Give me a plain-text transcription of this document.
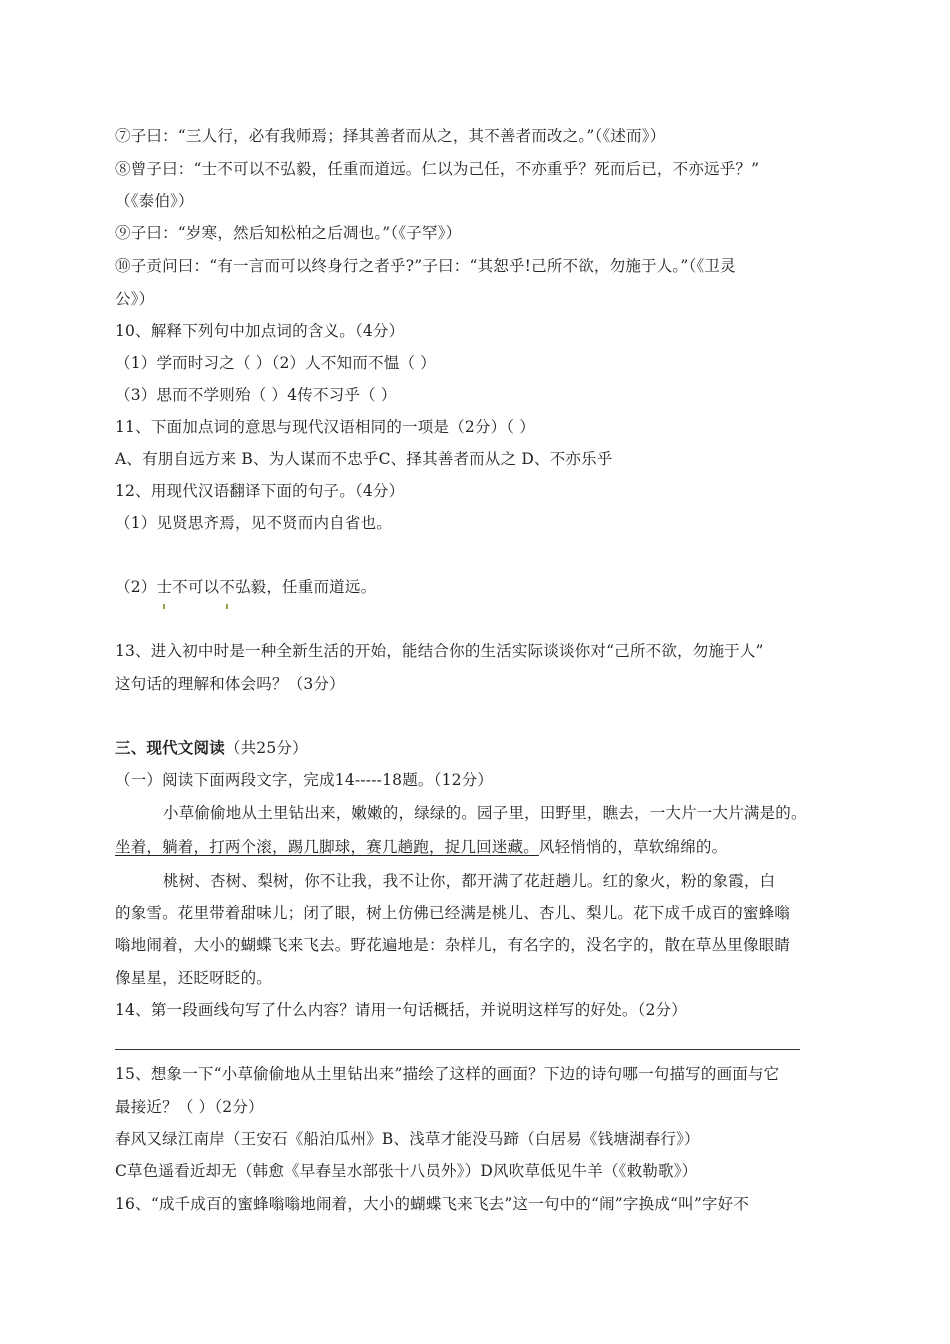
⑦子曰：“三人行，必有我师焉；择其善者而从之，其不善者而改之。”（《述而》）
⑧曾子曰：“士不可以不弘毅，任重而道远。仁以为己任，不亦重乎？死而后已，不亦远乎？”
（《泰伯》）
⑨子曰：“岁寒，然后知松柏之后凋也。”（《子罕》）
⑩子贡问曰：“有一言而可以终身行之者乎?”子曰：“其恕乎!己所不欲，勿施于人。”（《卫灵
公》）
10、解释下列句中加点词的含义。（4分）
（1）学而时习之（ ）（2）人不知而不愠（ ）
（3）思而不学则殆（ ）4传不习乎（ ）
11、下面加点词的意思与现代汉语相同的一项是（2分）（ ）
A、有朋自远方来 B、为人谋而不忠乎C、择其善者而从之 D、不亦乐乎
12、用现代汉语翻译下面的句子。（4分）
（1）见贤思齐焉，见不贤而内自省也。
（2）士不可以不弘毅，任重而道远。
13、进入初中时是一种全新生活的开始，能结合你的生活实际谈谈你对“己所不欲，勿施于人”
这句话的理解和体会吗？（3分）
三、现代文阅读（共25分）
（一）阅读下面两段文字，完成14-----18题。（12分）
小草偷偷地从土里钻出来，嫩嫩的，绿绿的。园子里，田野里，瞧去，一大片一大片满是的。
坐着，躺着，打两个滚，踢几脚球，赛几趟跑，捉几回迷藏。风轻悄悄的，草软绵绵的。
桃树、杏树、梨树，你不让我，我不让你，都开满了花赶趟儿。红的象火，粉的象霞，白
的象雪。花里带着甜味儿；闭了眼，树上仿佛已经满是桃儿、杏儿、梨儿。花下成千成百的蜜蜂嗡
嗡地闹着，大小的蝴蝶飞来飞去。野花遍地是：杂样儿，有名字的，没名字的，散在草丛里像眼睛
像星星，还眨呀眨的。
14、第一段画线句写了什么内容？请用一句话概括，并说明这样写的好处。（2分）
15、想象一下“小草偷偷地从土里钻出来”描绘了这样的画面？下边的诗句哪一句描写的画面与它
最接近？（ ）（2分）
春风又绿江南岸（王安石《船泊瓜州》B、浅草才能没马蹄（白居易《钱塘湖春行》）
C草色遥看近却无（韩愈《早春呈水部张十八员外》）D风吹草低见牛羊（《敕勒歌》）
16、“成千成百的蜜蜂嗡嗡地闹着，大小的蝴蝶飞来飞去”这一句中的“闹”字换成“叫”字好不
